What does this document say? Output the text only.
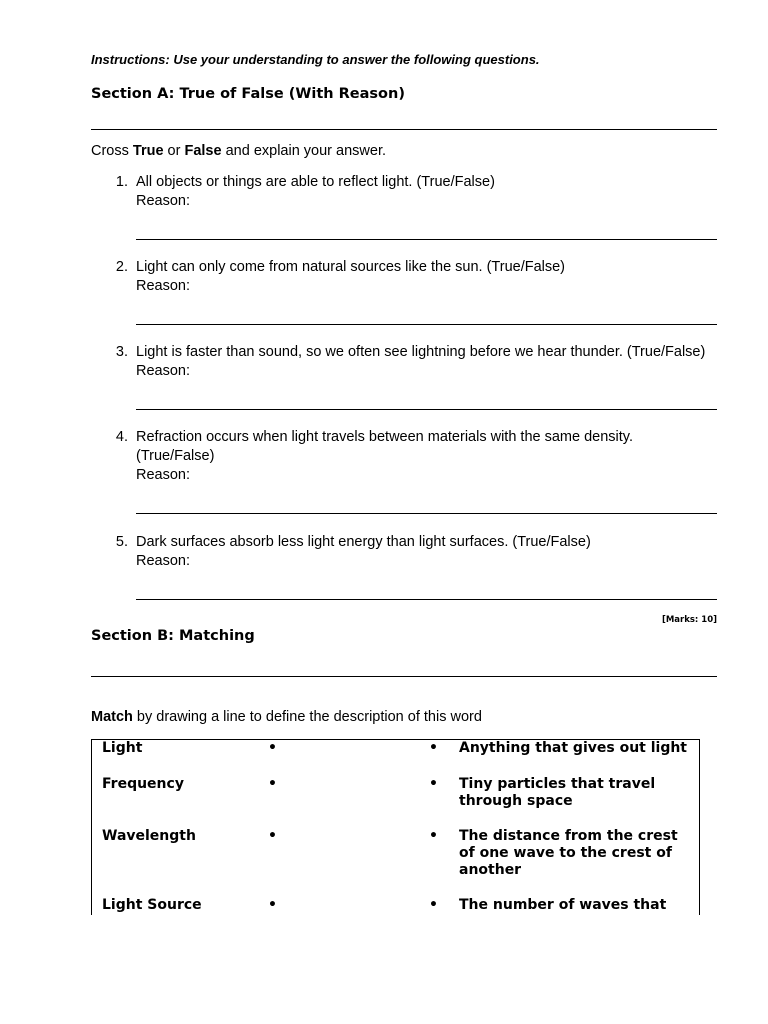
Instructions: Use your understanding to answer the following questions.
Section A: True of False (With Reason)
Cross True or False and explain your answer.
1. All objects or things are able to reflect light. (True/False)
Reason:
2. Light can only come from natural sources like the sun. (True/False)
Reason:
3. Light is faster than sound, so we often see lightning before we hear thunder. (True/False)
Reason:
4. Refraction occurs when light travels between materials with the same density.
(True/False)
Reason:
5. Dark surfaces absorb less light energy than light surfaces. (True/False)
Reason:
[Marks: 10]
Section B: Matching
Match by drawing a line to define the description of this word
Light	•	• Anything that gives out light
Frequency	•	• Tiny particles that travel through space
Wavelength	•	• The distance from the crest of one wave to the crest of another
Light Source	•	• The number of waves that
